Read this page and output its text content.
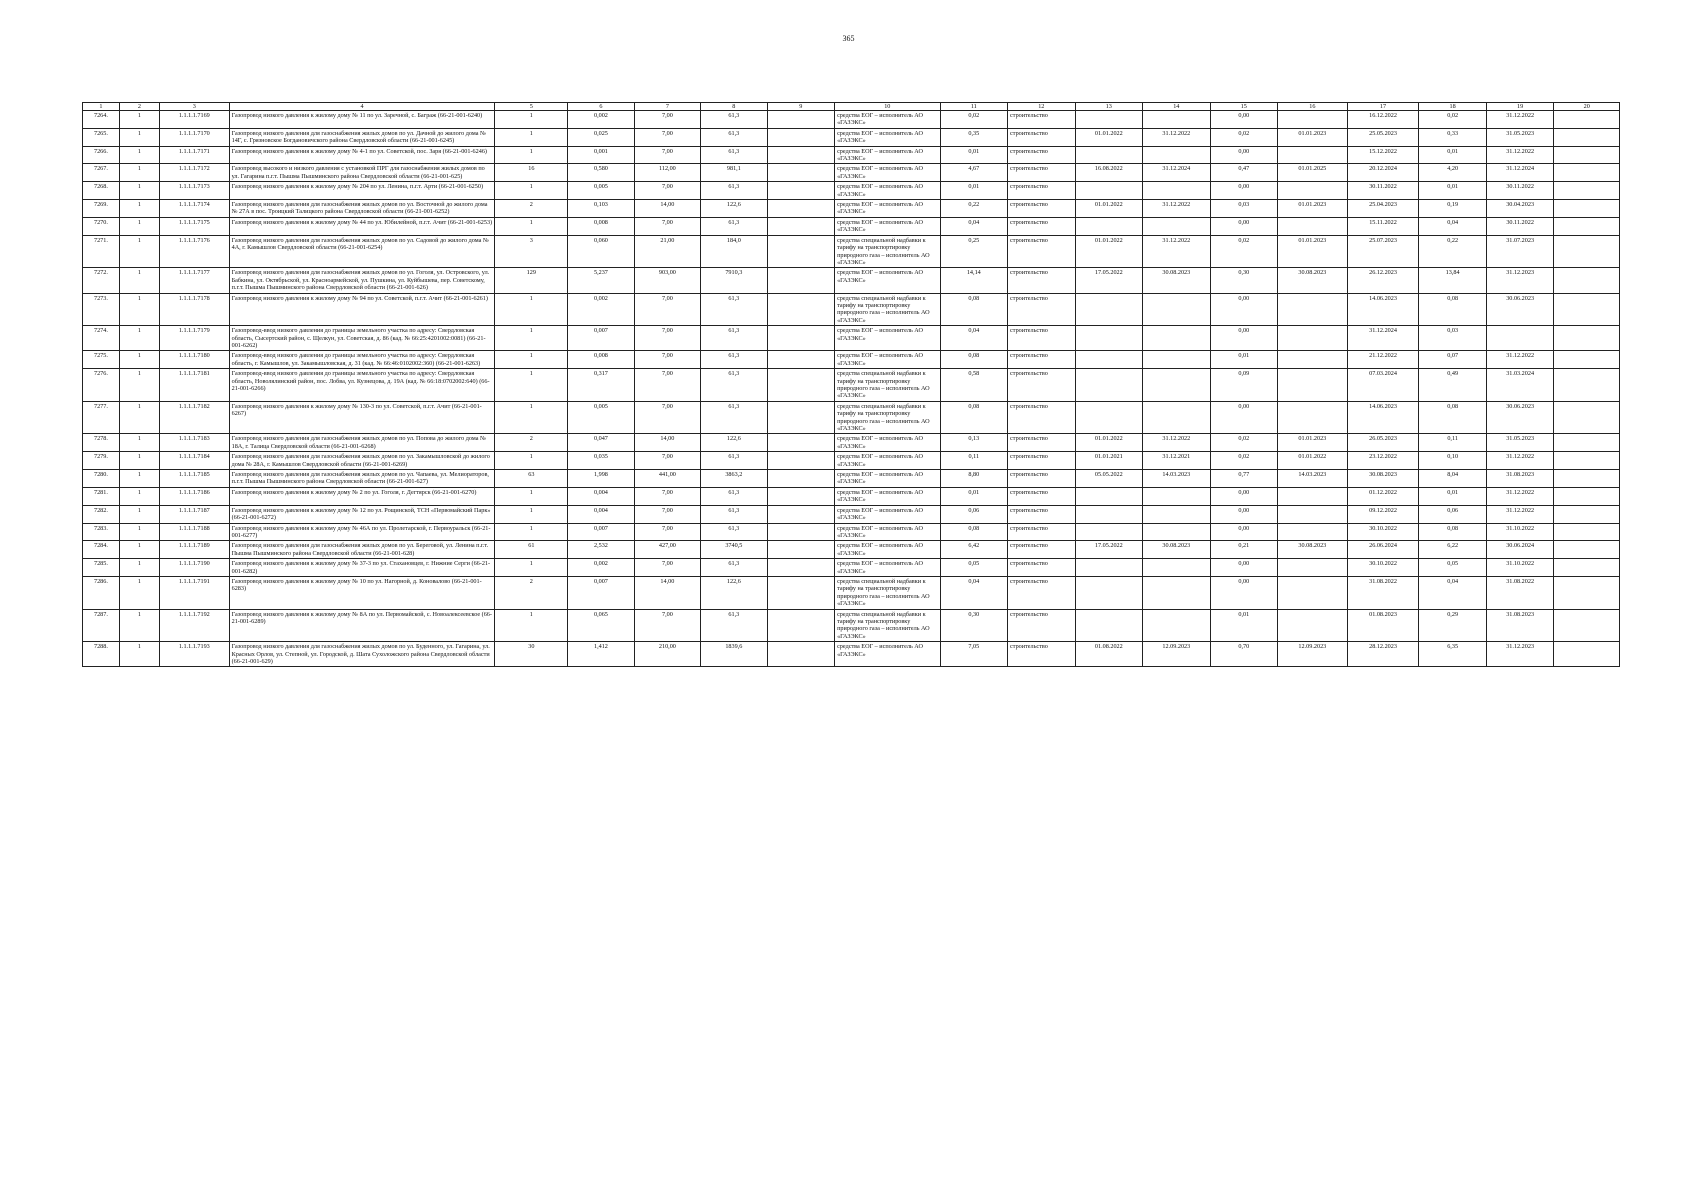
365
1	2	3	4	5	6	7	8	9	10	11	12	13	14	15	16	17	18	19	20
7264.	1	1.1.1.1.7169	Газопровод низкого давления к жилому дому № 11 по ул. Заречной, с. Баграж (66-21-001-6240)	1	0,002	7,00	61,3		средства ЕОГ – исполнитель АО «ГАЗЭКС»	0,02	строительство			0,00		16.12.2022	0,02	31.12.2022	
7265.	1	1.1.1.1.7170	Газопровод низкого давления для газоснабжения жилых домов по ул. Дачной до жилого дома № 14Г, с. Грязновское Богдановичского района Свердловской области (66-21-001-6245)	1	0,025	7,00	61,3		средства ЕОГ – исполнитель АО «ГАЗЭКС»	0,35	строительство	01.01.2022	31.12.2022	0,02	01.01.2023	25.05.2023	0,33	31.05.2023	
7266.	1	1.1.1.1.7171	Газопровод низкого давления к жилому дому № 4-1 по ул. Советской, пос. Заря (66-21-001-6246)	1	0,001	7,00	61,3		средства ЕОГ – исполнитель АО «ГАЗЭКС»	0,01	строительство			0,00		15.12.2022	0,01	31.12.2022	
7267.	1	1.1.1.1.7172	Газопровод высокого и низкого давления с установкой ПРГ для газоснабжения жилых домов по ул. Гагарина п.г.т. Пышма Пышминского района Свердловской области (66-21-001-625)	16	0,580	112,00	981,1		средства ЕОГ – исполнитель АО «ГАЗЭКС»	4,67	строительство	16.08.2022	31.12.2024	0,47	01.01.2025	20.12.2024	4,20	31.12.2024	
7268.	1	1.1.1.1.7173	Газопровод низкого давления к жилому дому № 204 по ул. Ленина, п.г.т. Арти (66-21-001-6250)	1	0,005	7,00	61,3		средства ЕОГ – исполнитель АО «ГАЗЭКС»	0,01	строительство			0,00		30.11.2022	0,01	30.11.2022	
7269.	1	1.1.1.1.7174	Газопровод низкого давления для газоснабжения жилых домов по ул. Восточной до жилого дома № 27А в пос. Троицкий Талицкого района Свердловской области (66-21-001-6252)	2	0,103	14,00	122,6		средства ЕОГ – исполнитель АО «ГАЗЭКС»	0,22	строительство	01.01.2022	31.12.2022	0,03	01.01.2023	25.04.2023	0,19	30.04.2023	
7270.	1	1.1.1.1.7175	Газопровод низкого давления к жилому дому № 44 по ул. Юбилейной, п.г.т. Ачит (66-21-001-6253)	1	0,008	7,00	61,3		средства ЕОГ – исполнитель АО «ГАЗЭКС»	0,04	строительство			0,00		15.11.2022	0,04	30.11.2022	
7271.	1	1.1.1.1.7176	Газопровод низкого давления для газоснабжения жилых домов по ул. Садовой до жилого дома № 4А, г. Камышлов Свердловской области (66-21-001-6254)	3	0,060	21,00	184,0		средства специальной надбавки к тарифу на транспортировку природного газа – исполнитель АО «ГАЗЭКС»	0,25	строительство	01.01.2022	31.12.2022	0,02	01.01.2023	25.07.2023	0,22	31.07.2023	
7272.	1	1.1.1.1.7177	Газопровод низкого давления для газоснабжения жилых домов по ул. Гоголя, ул. Островского, ул. Бабкина, ул. Октябрьской, ул. Красноармейской, ул. Пушкина, ул. Куйбышева, пер. Советскому, п.г.т. Пышма Пышминского района Свердловской области (66-21-001-626)	129	5,237	903,00	7910,3		средства ЕОГ – исполнитель АО «ГАЗЭКС»	14,14	строительство	17.05.2022	30.08.2023	0,30	30.08.2023	26.12.2023	13,84	31.12.2023	
7273.	1	1.1.1.1.7178	Газопровод низкого давления к жилому дому № 94 по ул. Советской, п.г.т. Ачит (66-21-001-6261)	1	0,002	7,00	61,3		средства специальной надбавки к тарифу на транспортировку природного газа – исполнитель АО «ГАЗЭКС»	0,08	строительство			0,00		14.06.2023	0,08	30.06.2023	
7274.	1	1.1.1.1.7179	Газопровод-ввод низкого давления до границы земельного участка по адресу: Свердловская область, Сысертский район, с. Щелкун, ул. Советская, д. 86 (кад. № 66:25:4201002:0081) (66-21-001-6262)	1	0,007	7,00	61,3		средства ЕОГ – исполнитель АО «ГАЗЭКС»	0,04	строительство			0,00		31.12.2024	0,03		
7275.	1	1.1.1.1.7180	Газопровод-ввод низкого давления до границы земельного участка по адресу: Свердловская область, г. Камышлов, ул. Закамышловская, д. 31 (кад. № 66:46:0102002:360) (66-21-001-6263)	1	0,008	7,00	61,3		средства ЕОГ – исполнитель АО «ГАЗЭКС»	0,08	строительство			0,01		21.12.2022	0,07	31.12.2022	
7276.	1	1.1.1.1.7181	Газопровод-ввод низкого давления до границы земельного участка по адресу: Свердловская область, Новолялинский район, пос. Лобва, ул. Кузнецова, д. 19А (кад. № 66:18:0702002:640) (66-21-001-6266)	1	0,317	7,00	61,3		средства специальной надбавки к тарифу на транспортировку природного газа – исполнитель АО «ГАЗЭКС»	0,58	строительство			0,09		07.03.2024	0,49	31.03.2024	
7277.	1	1.1.1.1.7182	Газопровод низкого давления к жилому дому № 130-3 по ул. Советской, п.г.т. Ачит (66-21-001-6267)	1	0,005	7,00	61,3		средства специальной надбавки к тарифу на транспортировку природного газа – исполнитель АО «ГАЗЭКС»	0,08	строительство			0,00		14.06.2023	0,08	30.06.2023	
7278.	1	1.1.1.1.7183	Газопровод низкого давления для газоснабжения жилых домов по ул. Попова до жилого дома № 18А, г. Талица Свердловской области (66-21-001-6268)	2	0,047	14,00	122,6		средства ЕОГ – исполнитель АО «ГАЗЭКС»	0,13	строительство	01.01.2022	31.12.2022	0,02	01.01.2023	26.05.2023	0,11	31.05.2023	
7279.	1	1.1.1.1.7184	Газопровод низкого давления для газоснабжения жилых домов по ул. Закамышловской до жилого дома № 28А, г. Камышлов Свердловской области (66-21-001-6269)	1	0,035	7,00	61,3		средства ЕОГ – исполнитель АО «ГАЗЭКС»	0,11	строительство	01.01.2021	31.12.2021	0,02	01.01.2022	23.12.2022	0,10	31.12.2022	
7280.	1	1.1.1.1.7185	Газопровод низкого давления для газоснабжения жилых домов по ул. Чапаева, ул. Мелиораторов, п.г.т. Пышма Пышминского района Свердловской области (66-21-001-627)	63	1,998	441,00	3863,2		средства ЕОГ – исполнитель АО «ГАЗЭКС»	8,80	строительство	05.05.2022	14.03.2023	0,77	14.03.2023	30.08.2023	8,04	31.08.2023	
7281.	1	1.1.1.1.7186	Газопровод низкого давления к жилому дому № 2 по ул. Гоголя, г. Дегтярск (66-21-001-6270)	1	0,004	7,00	61,3		средства ЕОГ – исполнитель АО «ГАЗЭКС»	0,01	строительство			0,00		01.12.2022	0,01	31.12.2022	
7282.	1	1.1.1.1.7187	Газопровод низкого давления к жилому дому № 12 по ул. Рощинской, ТСН «Первомайский Парк» (66-21-001-6272)	1	0,004	7,00	61,3		средства ЕОГ – исполнитель АО «ГАЗЭКС»	0,06	строительство			0,00		09.12.2022	0,06	31.12.2022	
7283.	1	1.1.1.1.7188	Газопровод низкого давления к жилому дому № 46А по ул. Пролетарской, г. Первоуральск (66-21-001-6277)	1	0,007	7,00	61,3		средства ЕОГ – исполнитель АО «ГАЗЭКС»	0,08	строительство			0,00		30.10.2022	0,08	31.10.2022	
7284.	1	1.1.1.1.7189	Газопровод низкого давления для газоснабжения жилых домов по ул. Береговой, ул. Ленина п.г.т. Пышма Пышминского района Свердловской области (66-21-001-628)	61	2,532	427,00	3740,5		средства ЕОГ – исполнитель АО «ГАЗЭКС»	6,42	строительство	17.05.2022	30.08.2023	0,21	30.08.2023	26.06.2024	6,22	30.06.2024	
7285.	1	1.1.1.1.7190	Газопровод низкого давления к жилому дому № 37-3 по ул. Стахановцев, г. Нижние Серги (66-21-001-6282)	1	0,002	7,00	61,3		средства ЕОГ – исполнитель АО «ГАЗЭКС»	0,05	строительство			0,00		30.10.2022	0,05	31.10.2022	
7286.	1	1.1.1.1.7191	Газопровод низкого давления к жилому дому № 10 по ул. Нагорной, д. Коновалово (66-21-001-6283)	2	0,007	14,00	122,6		средства специальной надбавки к тарифу на транспортировку природного газа – исполнитель АО «ГАЗЭКС»	0,04	строительство			0,00		31.08.2022	0,04	31.08.2022	
7287.	1	1.1.1.1.7192	Газопровод низкого давления к жилому дому № 8А по ул. Первомайской, с. Новоалексеевское (66-21-001-6289)	1	0,065	7,00	61,3		средства специальной надбавки к тарифу на транспортировку природного газа – исполнитель АО «ГАЗЭКС»	0,30	строительство			0,01		01.08.2023	0,29	31.08.2023	
7288.	1	1.1.1.1.7193	Газопровод низкого давления для газоснабжения жилых домов по ул. Буденного, ул. Гагарина, ул. Красных Орлов, ул. Степной, ул. Городской, д. Шата Сухоложского района Свердловской области (66-21-001-629)	30	1,412	210,00	1839,6		средства ЕОГ – исполнитель АО «ГАЗЭКС»	7,05	строительство	01.08.2022	12.09.2023	0,70	12.09.2023	28.12.2023	6,35	31.12.2023	
